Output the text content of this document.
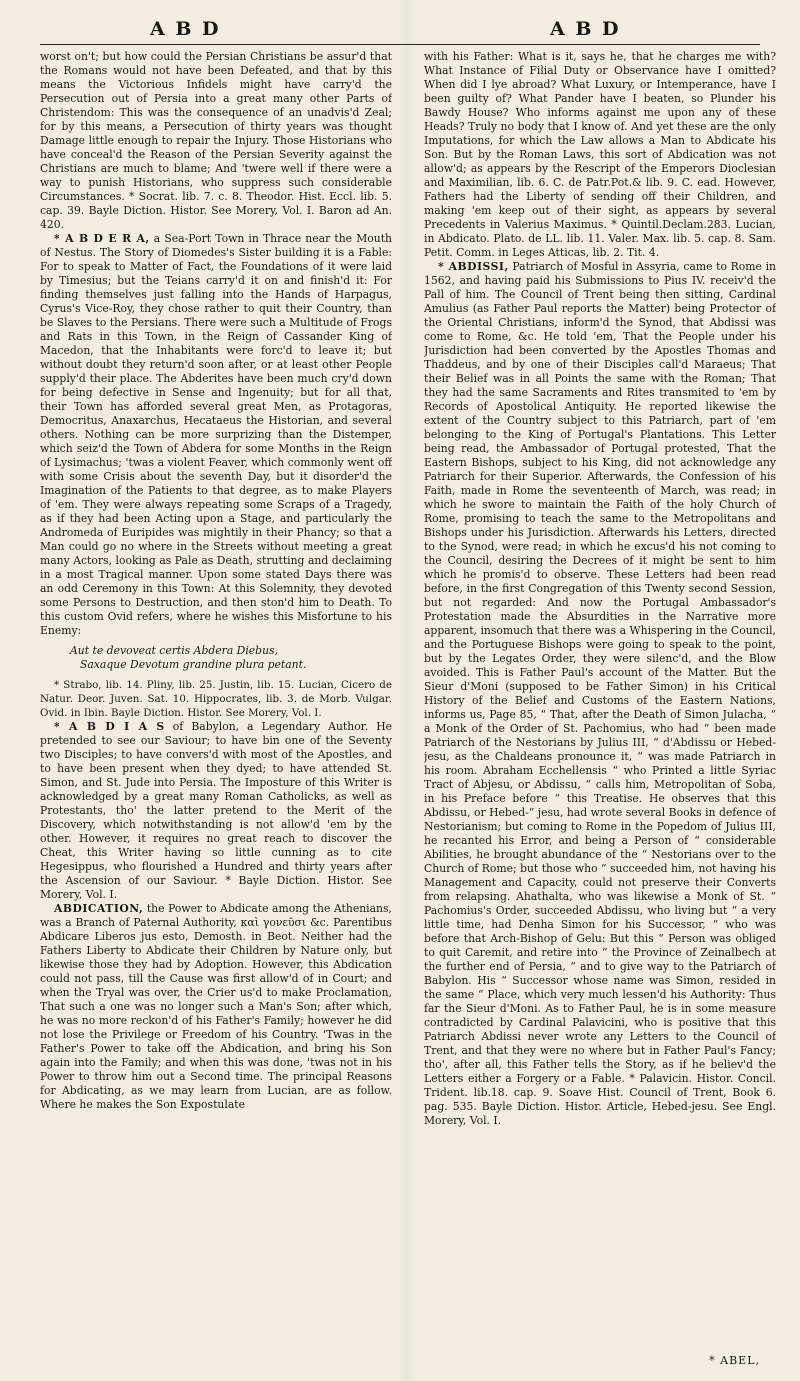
A B D	A B D

worst on't; but how could the Persian Christians be assur'd that the Romans would not have been Defeated, and that by this means the Victorious Infidels might have carry'd the Persecution out of Persia into a great many other Parts of Christendom: This was the consequence of an unadvis'd Zeal; for by this means, a Persecution of thirty years was thought Damage little enough to repair the Injury. Those Historians who have conceal'd the Reason of the Persian Severity against the Christians are much to blame; And 'twere well if there were a way to punish Historians, who suppress such considerable Circumstances. * Socrat. lib. 7. c. 8. Theodor. Hist. Eccl. lib. 5. cap. 39. Bayle Diction. Histor. See Morery, Vol. I. Baron ad An. 420.

* A B D E R A, a Sea-Port Town in Thrace near the Mouth of Nestus. The Story of Diomedes's Sister building it is a Fable: For to speak to Matter of Fact, the Foundations of it were laid by Timesius; but the Teians carry'd it on and finish'd it: For finding themselves just falling into the Hands of Harpagus, Cyrus's Vice-Roy, they chose rather to quit their Country, than be Slaves to the Persians. There were such a Multitude of Frogs and Rats in this Town, in the Reign of Cassander King of Macedon, that the Inhabitants were forc'd to leave it; but without doubt they return'd soon after, or at least other People supply'd their place. The Abderites have been much cry'd down for being defective in Sense and Ingenuity; but for all that, their Town has afforded several great Men, as Protagoras, Democritus, Anaxarchus, Hecataeus the Historian, and several others. Nothing can be more surprizing than the Distemper, which seiz'd the Town of Abdera for some Months in the Reign of Lysimachus; 'twas a violent Feaver, which commonly went off with some Crisis about the seventh Day, but it disorder'd the Imagination of the Patients to that degree, as to make Players of 'em. They were always repeating some Scraps of a Tragedy, as if they had been Acting upon a Stage, and particularly the Andromeda of Euripides was mightily in their Phancy; so that a Man could go no where in the Streets without meeting a great many Actors, looking as Pale as Death, strutting and declaiming in a most Tragical manner. Upon some stated Days there was an odd Ceremony in this Town: At this Solemnity, they devoted some Persons to Destruction, and then ston'd him to Death. To this custom Ovid refers, where he wishes this Misfortune to his Enemy:

Aut te devoveat certis Abdera Diebus,
Saxaque Devotum grandine plura petant.

* Strabo, lib. 14. Pliny, lib. 25. Justin, lib. 15. Lucian, Cicero de Natur. Deor. Juven. Sat. 10. Hippocrates, lib. 3. de Morb. Vulgar. Ovid. in Ibin. Bayle Diction. Histor. See Morery, Vol. I.

* A B D I A S of Babylon, a Legendary Author. He pretended to see our Saviour; to have bin one of the Seventy two Disciples; to have convers'd with most of the Apostles, and to have been present when they dyed; to have attended St. Simon, and St. Jude into Persia. The Imposture of this Writer is acknowledged by a great many Roman Catholicks, as well as Protestants, tho' the latter pretend to the Merit of the Discovery, which notwithstanding is not allow'd 'em by the other. However, it requires no great reach to discover the Cheat, this Writer having so little cunning as to cite Hegesippus, who flourished a Hundred and thirty years after the Ascension of our Saviour. * Bayle Diction. Histor. See Morery, Vol. I.

ABDICATION, the Power to Abdicate among the Athenians, was a Branch of Paternal Authority, καὶ γονεῦσι &c. Parentibus Abdicare Liberos jus esto, Demosth. in Beot. Neither had the Fathers Liberty to Abdicate their Children by Nature only, but likewise those they had by Adoption. However, this Abdication could not pass, till the Cause was first allow'd of in Court; and when the Tryal was over, the Crier us'd to make Proclamation, That such a one was no longer such a Man's Son; after which, he was no more reckon'd of his Father's Family; however he did not lose the Privilege or Freedom of his Country. 'Twas in the Father's Power to take off the Abdication, and bring his Son again into the Family; and when this was done, 'twas not in his Power to throw him out a Second time. The principal Reasons for Abdicating, as we may learn from Lucian, are as follow. Where he makes the Son Expostulate

with his Father: What is it, says he, that he charges me with? What Instance of Filial Duty or Observance have I omitted? When did I lye abroad? What Luxury, or Intemperance, have I been guilty of? What Pander have I beaten, so Plunder his Bawdy House? Who informs against me upon any of these Heads? Truly no body that I know of. And yet these are the only Imputations, for which the Law allows a Man to Abdicate his Son. But by the Roman Laws, this sort of Abdication was not allow'd; as appears by the Rescript of the Emperors Dioclesian and Maximilian, lib. 6. C. de Patr.Pot.& lib. 9. C. ead. However, Fathers had the Liberty of sending off their Children, and making 'em keep out of their sight, as appears by several Precedents in Valerius Maximus. * Quintil.Declam.283. Lucian, in Abdicato. Plato. de LL. lib. 11. Valer. Max. lib. 5. cap. 8. Sam. Petit. Comm. in Leges Atticas, lib. 2. Tit. 4.

* ABDISSI, Patriarch of Mosful in Assyria, came to Rome in 1562, and having paid his Submissions to Pius IV. receiv'd the Pall of him. The Council of Trent being then sitting, Cardinal Amulius (as Father Paul reports the Matter) being Protector of the Oriental Christians, inform'd the Synod, that Abdissi was come to Rome, &c. He told 'em, That the People under his Jurisdiction had been converted by the Apostles Thomas and Thaddeus, and by one of their Disciples call'd Maraeus; That their Belief was in all Points the same with the Roman; That they had the same Sacraments and Rites transmited to 'em by Records of Apostolical Antiquity. He reported likewise the extent of the Country subject to this Patriarch, part of 'em belonging to the King of Portugal's Plantations. This Letter being read, the Ambassador of Portugal protested, That the Eastern Bishops, subject to his King, did not acknowledge any Patriarch for their Superior. Afterwards, the Confession of his Faith, made in Rome the seventeenth of March, was read; in which he swore to maintain the Faith of the holy Church of Rome, promising to teach the same to the Metropolitans and Bishops under his Jurisdiction. Afterwards his Letters, directed to the Synod, were read; in which he excus'd his not coming to the Council, desiring the Decrees of it might be sent to him which he promis'd to observe. These Letters had been read before, in the first Congregation of this Twenty second Session, but not regarded: And now the Portugal Ambassador's Protestation made the Absurdities in the Narrative more apparent, insomuch that there was a Whispering in the Council, and the Portuguese Bishops were going to speak to the point, but by the Legates Order, they were silenc'd, and the Blow avoided. This is Father Paul's account of the Matter. But the Sieur d'Moni (supposed to be Father Simon) in his Critical History of the Belief and Customs of the Eastern Nations, informs us, Page 85, “ That, after the Death of Simon Julacha, “ a Monk of the Order of St. Pachomius, who had “ been made Patriarch of the Nestorians by Julius III, “ d'Abdissu or Hebed-jesu, as the Chaldeans pronounce it, “ was made Patriarch in his room. Abraham Ecchellensis “ who Printed a little Syriac Tract of Abjesu, or Abdissu, “ calls him, Metropolitan of Soba, in his Preface before “ this Treatise. He observes that this Abdissu, or Hebed-“ jesu, had wrote several Books in defence of Nestorianism; but coming to Rome in the Popedom of Julius III, he recanted his Error, and being a Person of “ considerable Abilities, he brought abundance of the “ Nestorians over to the Church of Rome; but those who “ succeeded him, not having his Management and Capacity, could not preserve their Converts from relapsing. Ahathalta, who was likewise a Monk of St. “ Pachomius's Order, succeeded Abdissu, who living but “ a very little time, had Denha Simon for his Successor, “ who was before that Arch-Bishop of Gelu: But this “ Person was obliged to quit Caremit, and retire into “ the Province of Zeinalbech at the further end of Persia, “ and to give way to the Patriarch of Babylon. His “ Successor whose name was Simon, resided in the same “ Place, which very much lessen'd his Authority: Thus far the Sieur d'Moni. As to Father Paul, he is in some measure contradicted by Cardinal Palavicini, who is positive that this Patriarch Abdissi never wrote any Letters to the Council of Trent, and that they were no where but in Father Paul's Fancy; tho', after all, this Father tells the Story, as if he believ'd the Letters either a Forgery or a Fable. * Palavicin. Histor. Concil. Trident. lib.18. cap. 9. Soave Hist. Council of Trent, Book 6. pag. 535. Bayle Diction. Histor. Article, Hebed-jesu. See Engl. Morery, Vol. I.

* ABEL,
